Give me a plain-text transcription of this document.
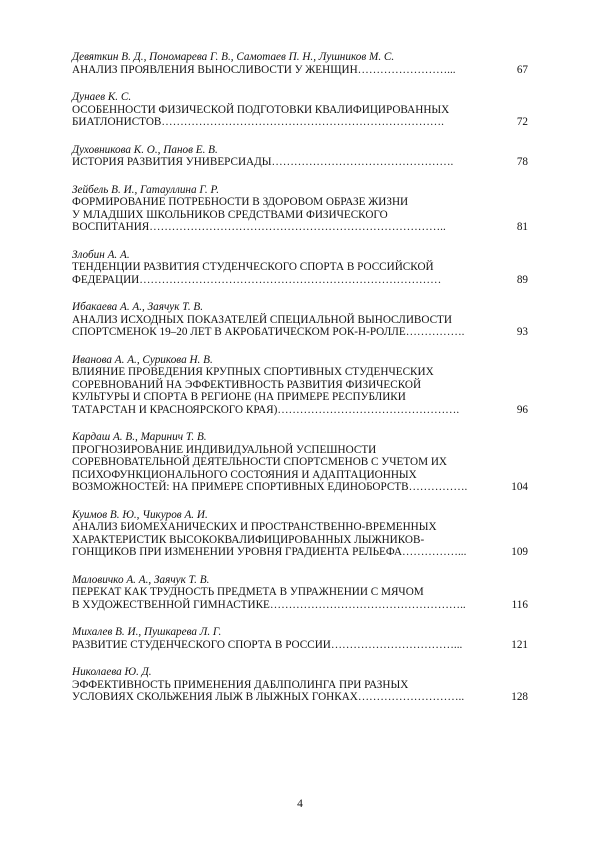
Девяткин В. Д., Пономарева Г. В., Самотаев П. Н., Лушников М. С.
АНАЛИЗ ПРОЯВЛЕНИЯ ВЫНОСЛИВОСТИ У ЖЕНЩИН……………………...	67
Дунаев К. С.
ОСОБЕННОСТИ ФИЗИЧЕСКОЙ ПОДГОТОВКИ КВАЛИФИЦИРОВАННЫХ
БИАТЛОНИСТОВ………………………………………………………………….	72
Духовникова К. О., Панов Е. В.
ИСТОРИЯ РАЗВИТИЯ УНИВЕРСИАДЫ………………………………………….	78
Зейбель В. И., Гатауллина Г. Р.
ФОРМИРОВАНИЕ ПОТРЕБНОСТИ В ЗДОРОВОМ ОБРАЗЕ ЖИЗНИ
У МЛАДШИХ ШКОЛЬНИКОВ СРЕДСТВАМИ ФИЗИЧЕСКОГО
ВОСПИТАНИЯ……………………………………………………………………..	81
Злобин А. А.
ТЕНДЕНЦИИ РАЗВИТИЯ СТУДЕНЧЕСКОГО СПОРТА В РОССИЙСКОЙ
ФЕДЕРАЦИИ………………………………………………………………………	89
Ибакаева А. А., Заячук Т. В.
АНАЛИЗ ИСХОДНЫХ ПОКАЗАТЕЛЕЙ СПЕЦИАЛЬНОЙ ВЫНОСЛИВОСТИ
СПОРТСМЕНОК 19–20 ЛЕТ В АКРОБАТИЧЕСКОМ РОК-Н-РОЛЛЕ…………….	93
Иванова А. А., Сурикова Н. В.
ВЛИЯНИЕ ПРОВЕДЕНИЯ КРУПНЫХ СПОРТИВНЫХ СТУДЕНЧЕСКИХ
СОРЕВНОВАНИЙ НА ЭФФЕКТИВНОСТЬ РАЗВИТИЯ ФИЗИЧЕСКОЙ
КУЛЬТУРЫ И СПОРТА В РЕГИОНЕ (НА ПРИМЕРЕ РЕСПУБЛИКИ
ТАТАРСТАН И КРАСНОЯРСКОГО КРАЯ)………………………………………….	96
Кардаш А. В., Маринич Т. В.
ПРОГНОЗИРОВАНИЕ ИНДИВИДУАЛЬНОЙ УСПЕШНОСТИ
СОРЕВНОВАТЕЛЬНОЙ ДЕЯТЕЛЬНОСТИ СПОРТСМЕНОВ С УЧЕТОМ ИХ
ПСИХОФУНКЦИОНАЛЬНОГО СОСТОЯНИЯ И АДАПТАЦИОННЫХ
ВОЗМОЖНОСТЕЙ: НА ПРИМЕРЕ СПОРТИВНЫХ ЕДИНОБОРСТВ…………….	104
Куимов В. Ю., Чикуров А. И.
АНАЛИЗ БИОМЕХАНИЧЕСКИХ И ПРОСТРАНСТВЕННО-ВРЕМЕННЫХ
ХАРАКТЕРИСТИК ВЫСОКОКВАЛИФИЦИРОВАННЫХ ЛЫЖНИКОВ-
ГОНЩИКОВ ПРИ ИЗМЕНЕНИИ УРОВНЯ ГРАДИЕНТА РЕЛЬЕФА……………...	109
Маловичко А. А., Заячук Т. В.
ПЕРЕКАТ КАК ТРУДНОСТЬ ПРЕДМЕТА В УПРАЖНЕНИИ С МЯЧОМ
В ХУДОЖЕСТВЕННОЙ ГИМНАСТИКЕ……………………………………………..	116
Михалев В. И., Пушкарева Л. Г.
РАЗВИТИЕ СТУДЕНЧЕСКОГО СПОРТА В РОССИИ……………………………...	121
Николаева Ю. Д.
ЭФФЕКТИВНОСТЬ ПРИМЕНЕНИЯ ДАБЛПОЛИНГА ПРИ РАЗНЫХ
УСЛОВИЯХ СКОЛЬЖЕНИЯ ЛЫЖ В ЛЫЖНЫХ ГОНКАХ………………………..	128
4
